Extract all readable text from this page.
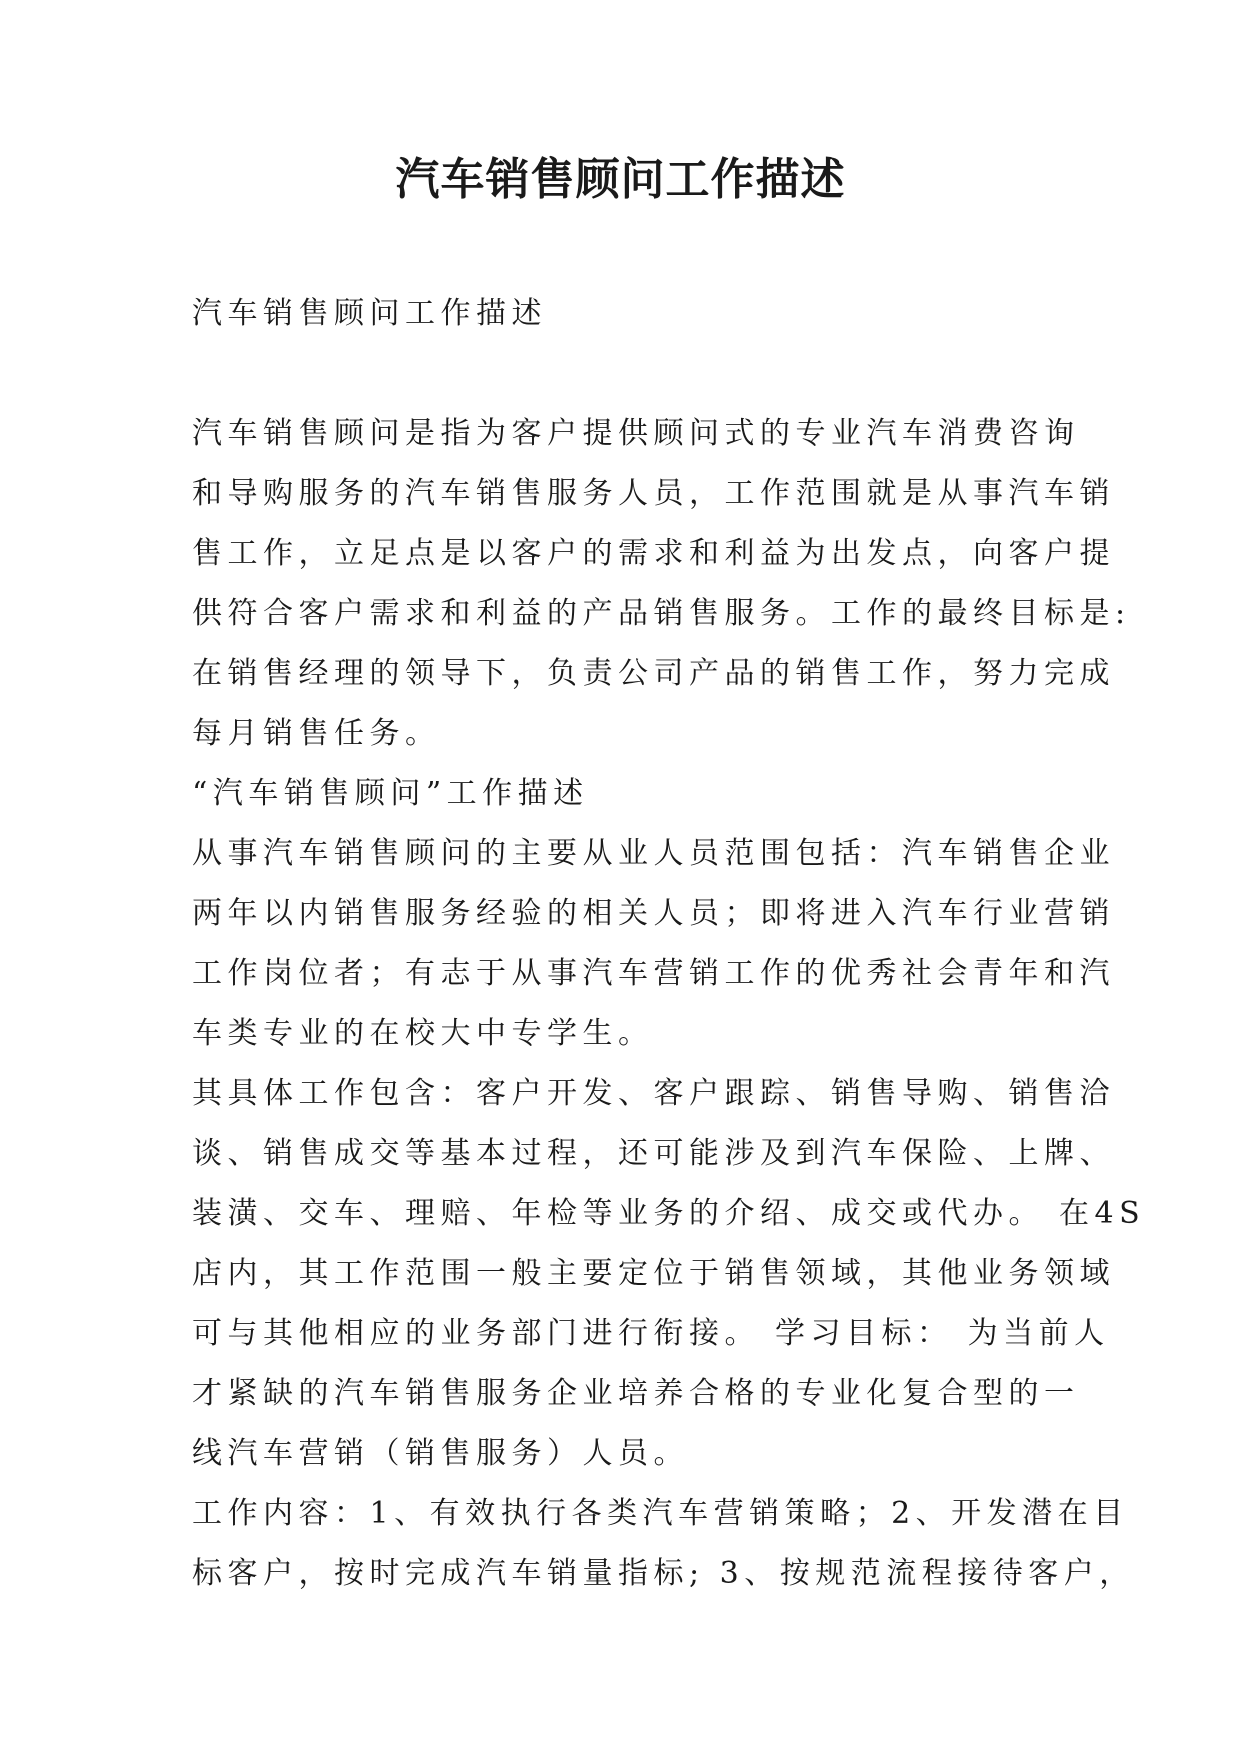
汽车销售顾问工作描述
汽车销售顾问工作描述
汽车销售顾问是指为客户提供顾问式的专业汽车消费咨询
和导购服务的汽车销售服务人员，工作范围就是从事汽车销
售工作，立足点是以客户的需求和利益为出发点，向客户提
供符合客户需求和利益的产品销售服务。工作的最终目标是:
在销售经理的领导下，负责公司产品的销售工作，努力完成
每月销售任务。
“汽车销售顾问”工作描述
从事汽车销售顾问的主要从业人员范围包括：汽车销售企业
两年以内销售服务经验的相关人员；即将进入汽车行业营销
工作岗位者；有志于从事汽车营销工作的优秀社会青年和汽
车类专业的在校大中专学生。
其具体工作包含：客户开发、客户跟踪、销售导购、销售洽
谈、销售成交等基本过程，还可能涉及到汽车保险、上牌、
装潢、交车、理赔、年检等业务的介绍、成交或代办。 在4S
店内，其工作范围一般主要定位于销售领域，其他业务领域
可与其他相应的业务部门进行衔接。 学习目标： 为当前人
才紧缺的汽车销售服务企业培养合格的专业化复合型的一
线汽车营销（销售服务）人员。
工作内容：1、有效执行各类汽车营销策略；2、开发潜在目
标客户，按时完成汽车销量指标; 3、按规范流程接待客户，
